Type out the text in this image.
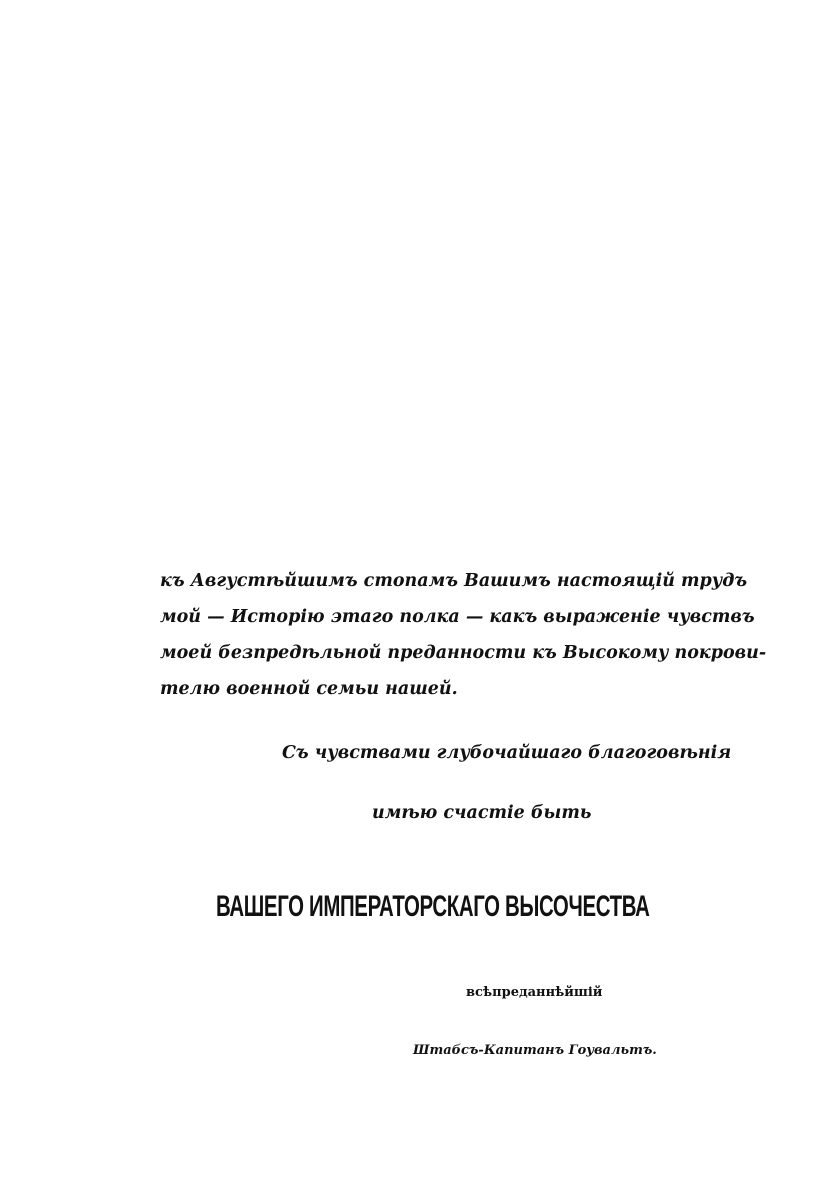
къ Августѣйшимъ стопамъ Вашимъ настоящій трудъ
мой — Исторію этаго полка — какъ выраженіе чувствъ
моей безпредѣльной преданности къ Высокому покрови-
телю военной семьи нашей.
Съ чувствами глубочайшаго благоговѣнія
имѣю счастіе быть
ВАШЕГО ИМПЕРАТОРСКАГО ВЫСОЧЕСТВА
всѣпреданнѣйшій
Штабсъ-Капитанъ Гоувальтъ.
